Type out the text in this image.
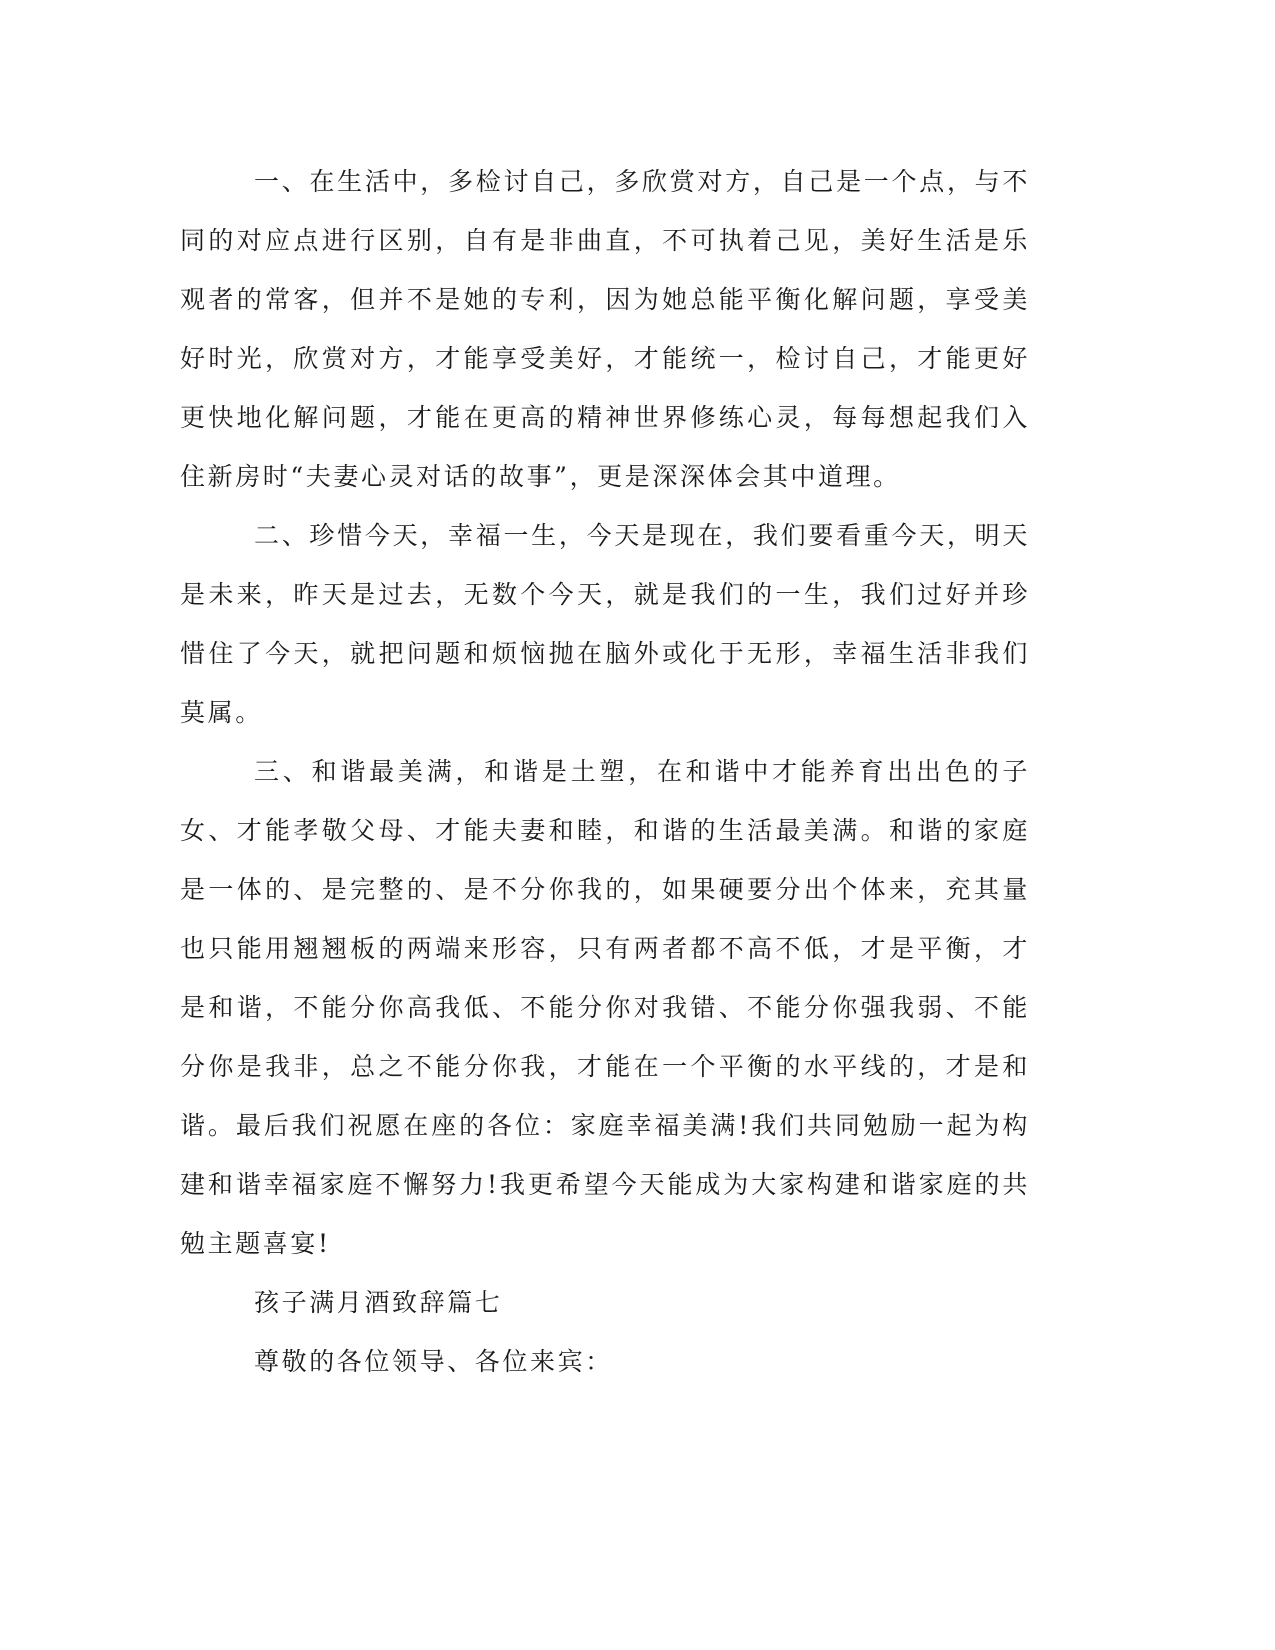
一、在生活中，多检讨自己，多欣赏对方，自己是一个点，与不同的对应点进行区别，自有是非曲直，不可执着己见，美好生活是乐观者的常客，但并不是她的专利，因为她总能平衡化解问题，享受美好时光，欣赏对方，才能享受美好，才能统一，检讨自己，才能更好更快地化解问题，才能在更高的精神世界修练心灵，每每想起我们入住新房时“夫妻心灵对话的故事”，更是深深体会其中道理。

二、珍惜今天，幸福一生，今天是现在，我们要看重今天，明天是未来，昨天是过去，无数个今天，就是我们的一生，我们过好并珍惜住了今天，就把问题和烦恼抛在脑外或化于无形，幸福生活非我们莫属。

三、和谐最美满，和谐是土塑，在和谐中才能养育出出色的子女、才能孝敬父母、才能夫妻和睦，和谐的生活最美满。和谐的家庭是一体的、是完整的、是不分你我的，如果硬要分出个体来，充其量也只能用翘翘板的两端来形容，只有两者都不高不低，才是平衡，才是和谐，不能分你高我低、不能分你对我错、不能分你强我弱、不能分你是我非，总之不能分你我，才能在一个平衡的水平线的，才是和谐。最后我们祝愿在座的各位：家庭幸福美满!我们共同勉励一起为构建和谐幸福家庭不懈努力!我更希望今天能成为大家构建和谐家庭的共勉主题喜宴!

孩子满月酒致辞篇七

尊敬的各位领导、各位来宾：
